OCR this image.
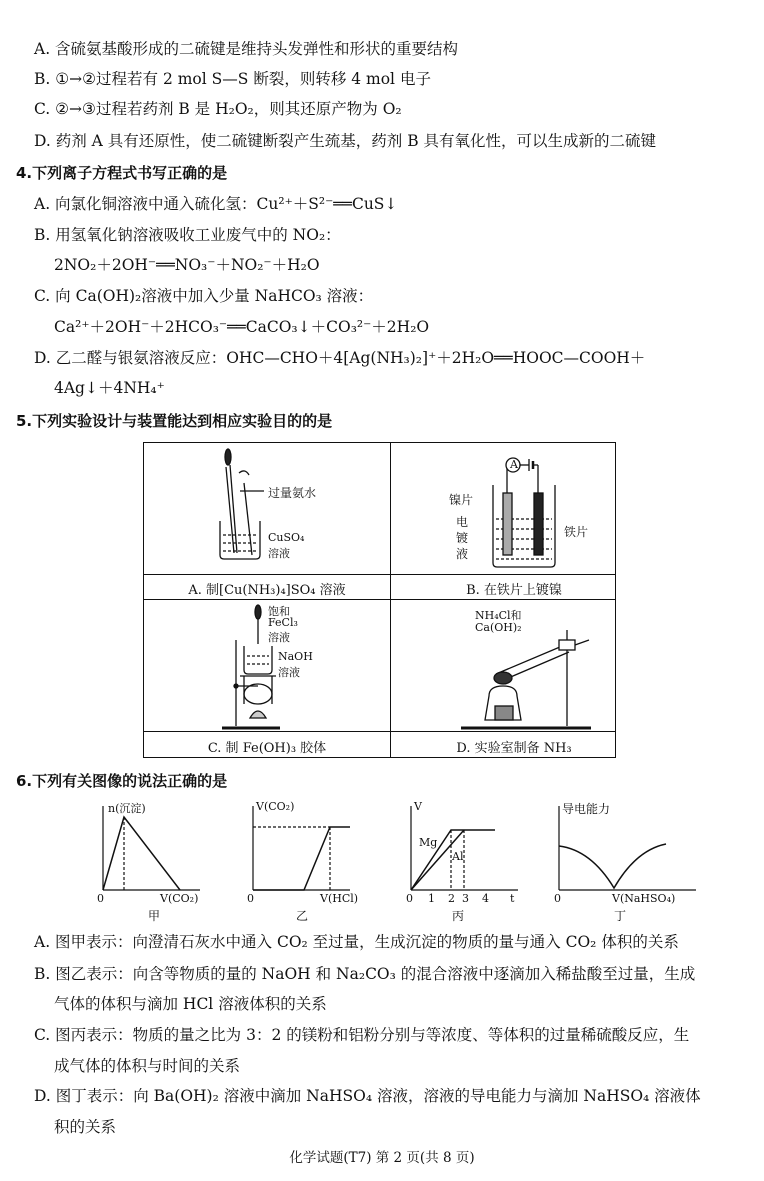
A. 含硫氨基酸形成的二硫键是维持头发弹性和形状的重要结构
B. ①→②过程若有 2 mol S—S 断裂，则转移 4 mol 电子
C. ②→③过程若药剂 B 是 H₂O₂，则其还原产物为 O₂
D. 药剂 A 具有还原性，使二硫键断裂产生巯基，药剂 B 具有氧化性，可以生成新的二硫键
4.下列离子方程式书写正确的是
A. 向氯化铜溶液中通入硫化氢：Cu²⁺＋S²⁻══CuS↓
B. 用氢氧化钠溶液吸收工业废气中的 NO₂：
2NO₂＋2OH⁻══NO₃⁻＋NO₂⁻＋H₂O
C. 向 Ca(OH)₂溶液中加入少量 NaHCO₃ 溶液：
Ca²⁺＋2OH⁻＋2HCO₃⁻══CaCO₃↓＋CO₃²⁻＋2H₂O
D. 乙二醛与银氨溶液反应：OHC—CHO＋4[Ag(NH₃)₂]⁺＋2H₂O══HOOC—COOH＋
4Ag↓＋4NH₄⁺
5.下列实验设计与装置能达到相应实验目的的是
过量氨水
CuSO₄
溶液
A. 制[Cu(NH₃)₄]SO₄ 溶液
A
镍片
电
镀
液
铁片
B. 在铁片上镀镍
饱和
FeCl₃
溶液
NaOH
溶液
C. 制 Fe(OH)₃ 胶体
NH₄Cl和
Ca(OH)₂
D. 实验室制备 NH₃
6.下列有关图像的说法正确的是
n(沉淀)
0	V(CO₂)
甲
V(CO₂)
0	V(HCl)
乙
V
Mg
Al
0 1 2 3 4 t
丙
导电能力
0	V(NaHSO₄)
丁
A. 图甲表示：向澄清石灰水中通入 CO₂ 至过量，生成沉淀的物质的量与通入 CO₂ 体积的关系
B. 图乙表示：向含等物质的量的 NaOH 和 Na₂CO₃ 的混合溶液中逐滴加入稀盐酸至过量，生成
气体的体积与滴加 HCl 溶液体积的关系
C. 图丙表示：物质的量之比为 3：2 的镁粉和铝粉分别与等浓度、等体积的过量稀硫酸反应，生
成气体的体积与时间的关系
D. 图丁表示：向 Ba(OH)₂ 溶液中滴加 NaHSO₄ 溶液，溶液的导电能力与滴加 NaHSO₄ 溶液体
积的关系
化学试题(T7) 第 2 页(共 8 页)
